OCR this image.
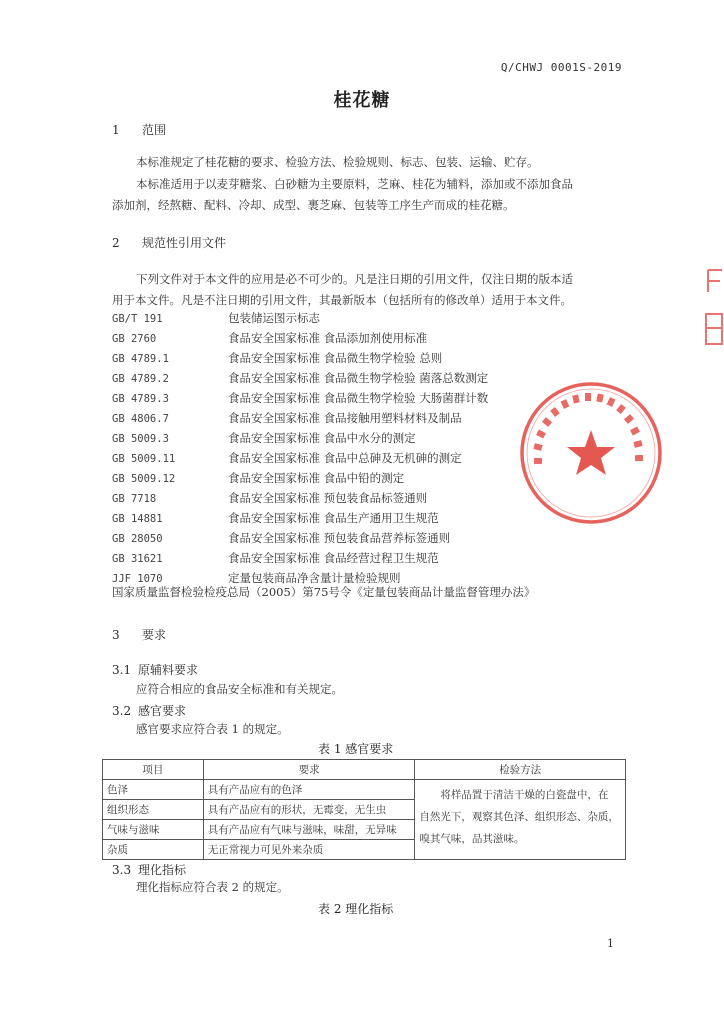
Q/CHWJ 0001S-2019
桂花糖
1 范围
本标准规定了桂花糖的要求、检验方法、检验规则、标志、包装、运输、贮存。
本标准适用于以麦芽糖浆、白砂糖为主要原料，芝麻、桂花为辅料，添加或不添加食品
添加剂，经熬糖、配料、冷却、成型、裹芝麻、包装等工序生产而成的桂花糖。
2 规范性引用文件
下列文件对于本文件的应用是必不可少的。凡是注日期的引用文件，仅注日期的版本适
用于本文件。凡是不注日期的引用文件，其最新版本（包括所有的修改单）适用于本文件。
GB/T 191	包装储运图示标志
GB 2760	食品安全国家标准 食品添加剂使用标准
GB 4789.1	食品安全国家标准 食品微生物学检验 总则
GB 4789.2	食品安全国家标准 食品微生物学检验 菌落总数测定
GB 4789.3	食品安全国家标准 食品微生物学检验 大肠菌群计数
GB 4806.7	食品安全国家标准 食品接触用塑料材料及制品
GB 5009.3	食品安全国家标准 食品中水分的测定
GB 5009.11	食品安全国家标准 食品中总砷及无机砷的测定
GB 5009.12	食品安全国家标准 食品中铅的测定
GB 7718	食品安全国家标准 预包装食品标签通则
GB 14881	食品安全国家标准 食品生产通用卫生规范
GB 28050	食品安全国家标准 预包装食品营养标签通则
GB 31621	食品安全国家标准 食品经营过程卫生规范
JJF 1070	定量包装商品净含量计量检验规则
国家质量监督检验检疫总局（2005）第75号令《定量包装商品计量监督管理办法》
3 要求
3.1 原辅料要求
应符合相应的食品安全标准和有关规定。
3.2 感官要求
感官要求应符合表 1 的规定。
表 1 感官要求
项目	要求	检验方法
色泽	具有产品应有的色泽	将样品置于清洁干燥的白瓷盘中，在
自然光下，观察其色泽、组织形态、杂质，
嗅其气味，品其滋味。

组织形态	具有产品应有的形状，无霉变，无生虫	
气味与滋味	具有产品应有气味与滋味，味甜，无异味	
杂质	无正常视力可见外来杂质	
3.3 理化指标
理化指标应符合表 2 的规定。
表 2 理化指标
1
